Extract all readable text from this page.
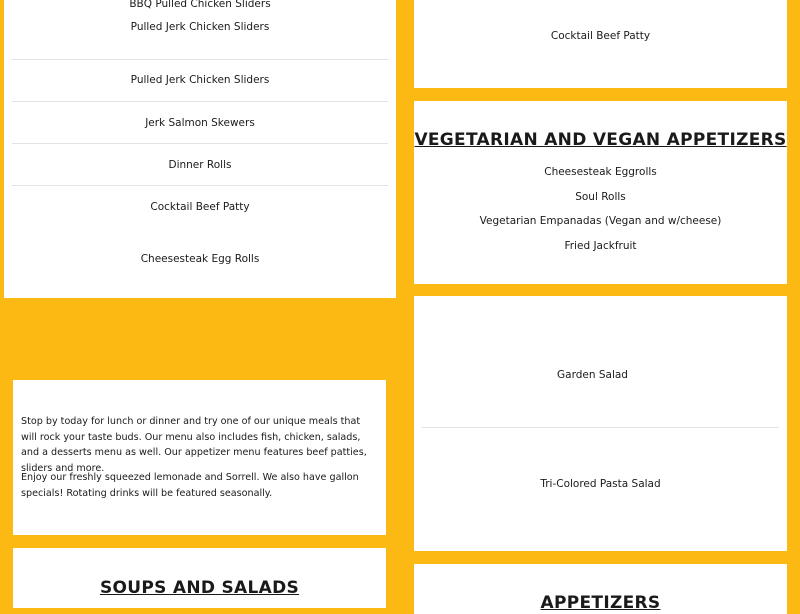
BBQ Pulled Chicken Sliders
Pulled Jerk Chicken Sliders
Pulled Jerk Chicken Sliders
Jerk Salmon Skewers
Dinner Rolls
Cocktail Beef Patty
Cheesesteak Egg Rolls
Cocktail Beef Patty
VEGETARIAN AND VEGAN APPETIZERS
Cheesesteak Eggrolls
Soul Rolls
Vegetarian Empanadas (Vegan and w/cheese)
Fried Jackfruit

Stop by today for lunch or dinner and try one of our unique meals that will rock your taste buds. Our menu also includes fish, chicken, salads, and a desserts menu as well. Our appetizer menu features beef patties, sliders and more.

Enjoy our freshly squeezed lemonade and Sorrell. We also have gallon specials! Rotating drinks will be featured seasonally.

Garden Salad
Tri-Colored Pasta Salad
SOUPS AND SALADS
APPETIZERS
